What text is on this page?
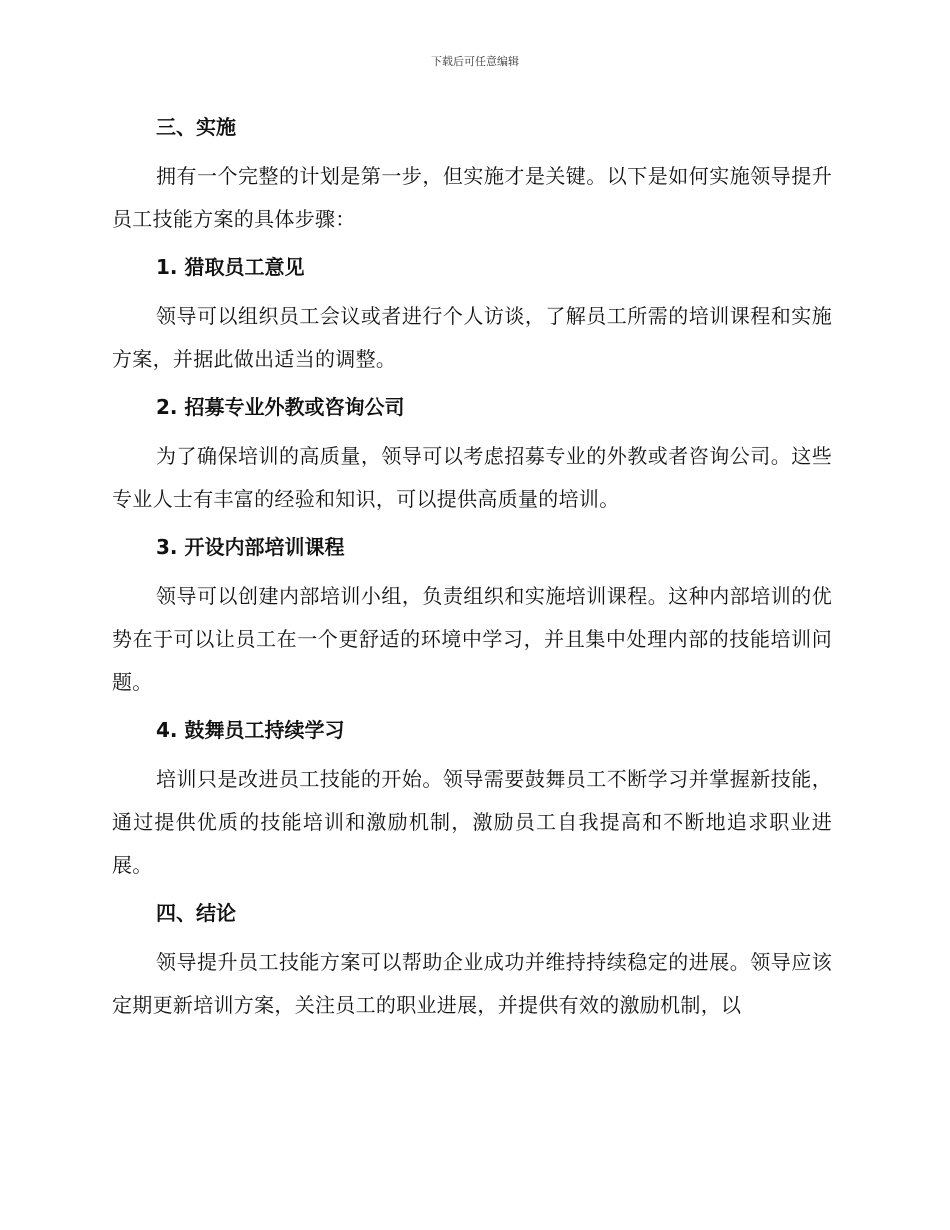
下载后可任意编辑
三、实施

拥有一个完整的计划是第一步，但实施才是关键。以下是如何实施领导提升员工技能方案的具体步骤：

1. 猎取员工意见

领导可以组织员工会议或者进行个人访谈，了解员工所需的培训课程和实施方案，并据此做出适当的调整。

2. 招募专业外教或咨询公司

为了确保培训的高质量，领导可以考虑招募专业的外教或者咨询公司。这些专业人士有丰富的经验和知识，可以提供高质量的培训。

3. 开设内部培训课程

领导可以创建内部培训小组，负责组织和实施培训课程。这种内部培训的优势在于可以让员工在一个更舒适的环境中学习，并且集中处理内部的技能培训问题。

4. 鼓舞员工持续学习

培训只是改进员工技能的开始。领导需要鼓舞员工不断学习并掌握新技能，通过提供优质的技能培训和激励机制，激励员工自我提高和不断地追求职业进展。

四、结论

领导提升员工技能方案可以帮助企业成功并维持持续稳定的进展。领导应该定期更新培训方案，关注员工的职业进展，并提供有效的激励机制，以
